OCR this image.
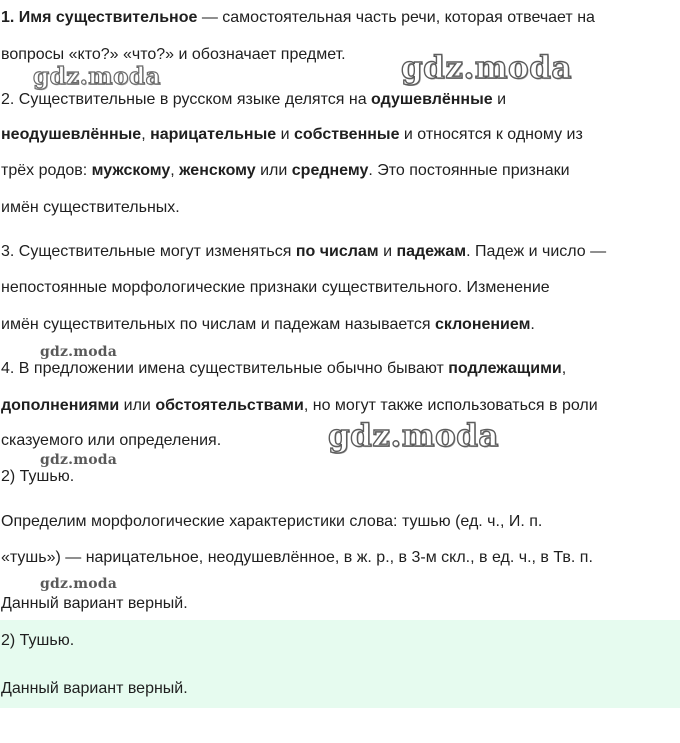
1. Имя существительное — самостоятельная часть речи, которая отвечает на
вопросы «кто?» «что?» и обозначает предмет.
2. Существительные в русском языке делятся на одушевлённые и
неодушевлённые, нарицательные и собственные и относятся к одному из
трёх родов: мужскому, женскому или среднему. Это постоянные признаки
имён существительных.
3. Существительные могут изменяться по числам и падежам. Падеж и число —
непостоянные морфологические признаки существительного. Изменение
имён существительных по числам и падежам называется склонением.
4. В предложении имена существительные обычно бывают подлежащими,
дополнениями или обстоятельствами, но могут также использоваться в роли
сказуемого или определения.
2) Тушью.
Определим морфологические характеристики слова: тушью (ед. ч., И. п.
«тушь») — нарицательное, неодушевлённое, в ж. р., в 3-м скл., в ед. ч., в Тв. п.
Данный вариант верный.
2) Тушью.
Данный вариант верный.
gdz.moda	gdz.moda
gdz.moda
gdz.moda
gdz.moda
gdz.moda
